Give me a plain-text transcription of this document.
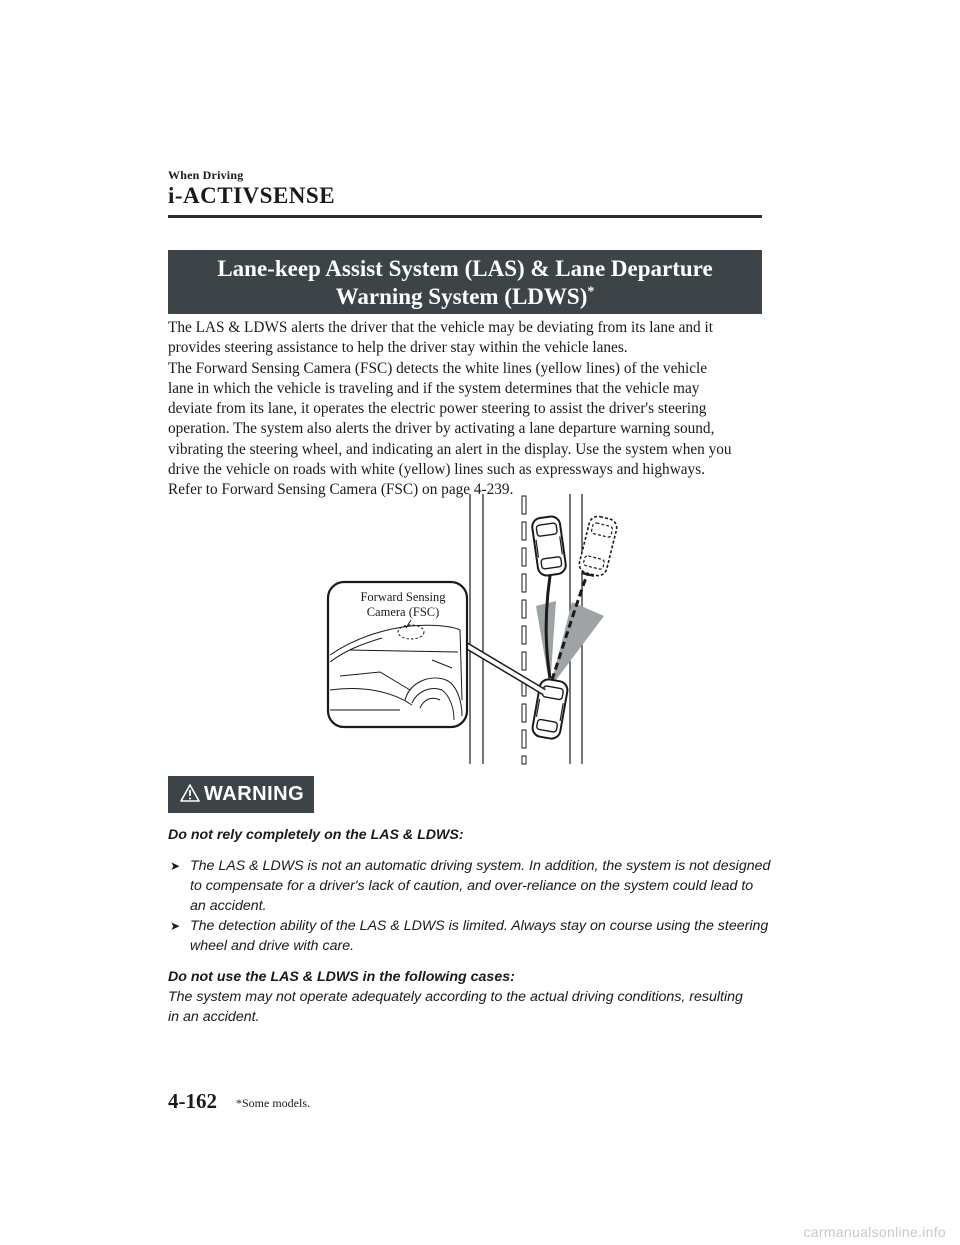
When Driving
i-ACTIVSENSE
Lane-keep Assist System (LAS) & Lane Departure
Warning System (LDWS)*

The LAS & LDWS alerts the driver that the vehicle may be deviating from its lane and it

provides steering assistance to help the driver stay within the vehicle lanes.

The Forward Sensing Camera (FSC) detects the white lines (yellow lines) of the vehicle

lane in which the vehicle is traveling and if the system determines that the vehicle may

deviate from its lane, it operates the electric power steering to assist the driver's steering

operation. The system also alerts the driver by activating a lane departure warning sound,

vibrating the steering wheel, and indicating an alert in the display. Use the system when you

drive the vehicle on roads with white (yellow) lines such as expressways and highways.

Refer to Forward Sensing Camera (FSC) on page 4-239.

Forward Sensing
Camera (FSC)
WARNING

Do not rely completely on the LAS & LDWS:

➤ The LAS & LDWS is not an automatic driving system. In addition, the system is not designed

to compensate for a driver's lack of caution, and over-reliance on the system could lead to

an accident.

➤ The detection ability of the LAS & LDWS is limited. Always stay on course using the steering

wheel and drive with care.

Do not use the LAS & LDWS in the following cases:

The system may not operate adequately according to the actual driving conditions, resulting

in an accident.

4-162 *Some models.
carmanualsonline.info
